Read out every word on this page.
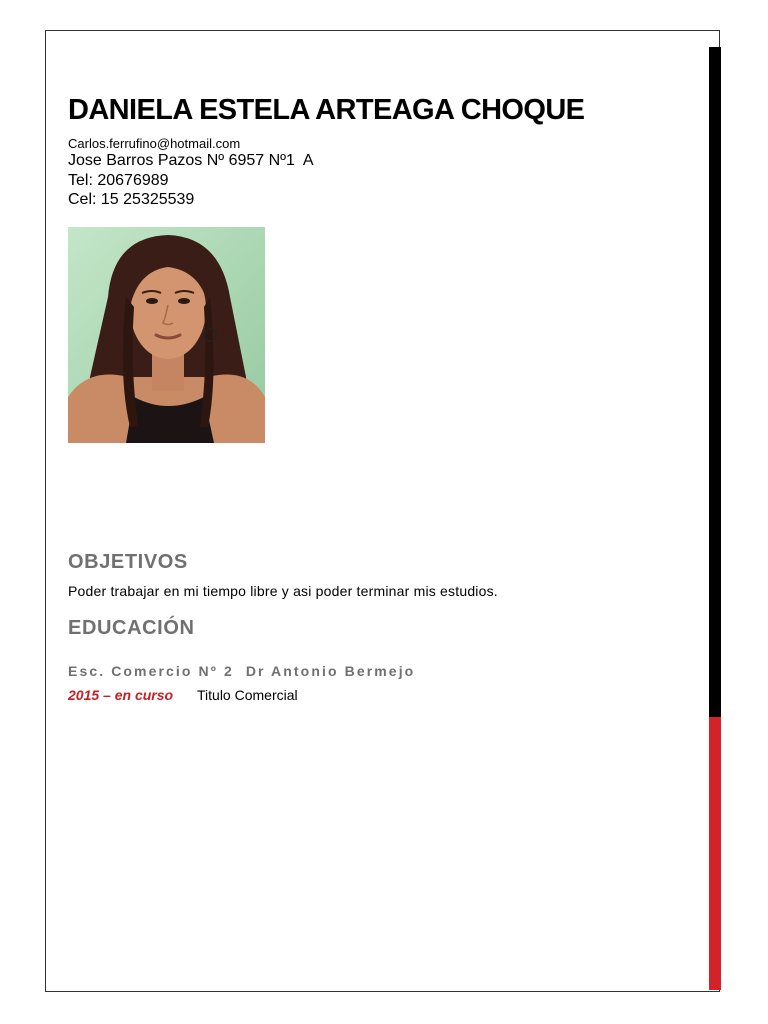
DANIELA ESTELA ARTEAGA CHOQUE
Carlos.ferrufino@hotmail.com
Jose Barros Pazos Nº 6957 Nº1  A
Tel: 20676989
Cel: 15 25325539
OBJETIVOS
Poder trabajar en mi tiempo libre y asi poder terminar mis estudios.
EDUCACIÓN
Esc. Comercio Nº 2  Dr Antonio Bermejo
2015 – en curso Titulo Comercial
